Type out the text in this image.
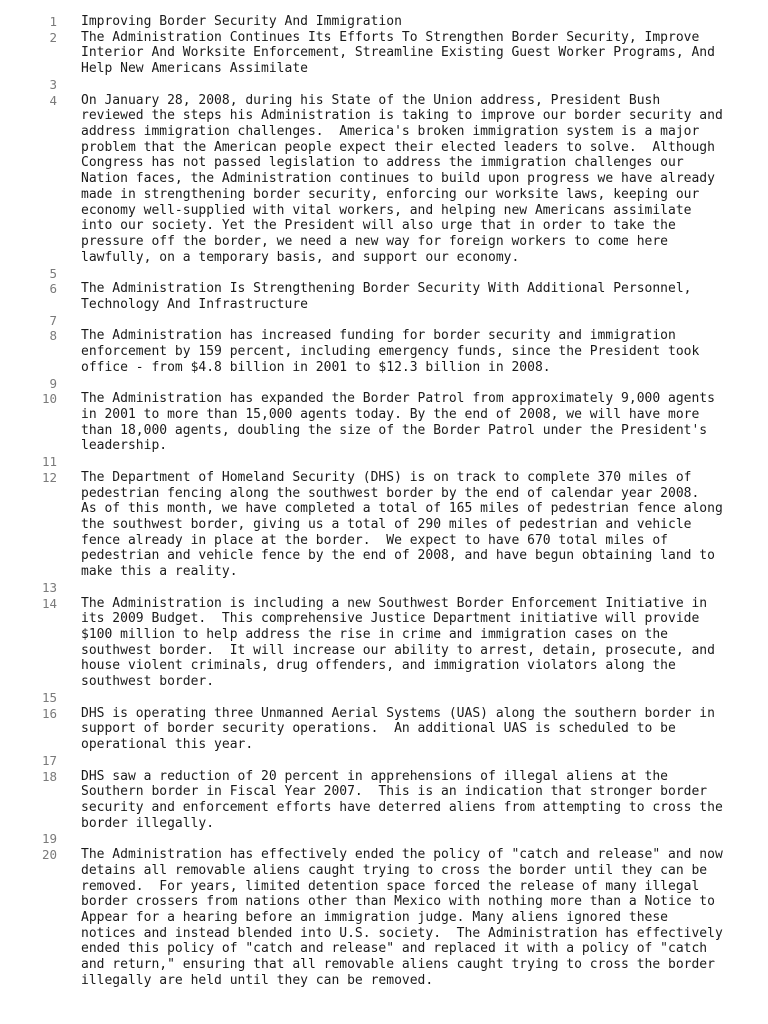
1 Improving Border Security And Immigration
2 The Administration Continues Its Efforts To Strengthen Border Security, Improve
Interior And Worksite Enforcement, Streamline Existing Guest Worker Programs, And
Help New Americans Assimilate
3
4 On January 28, 2008, during his State of the Union address, President Bush
reviewed the steps his Administration is taking to improve our border security and
address immigration challenges.  America's broken immigration system is a major
problem that the American people expect their elected leaders to solve.  Although
Congress has not passed legislation to address the immigration challenges our
Nation faces, the Administration continues to build upon progress we have already
made in strengthening border security, enforcing our worksite laws, keeping our
economy well-supplied with vital workers, and helping new Americans assimilate
into our society. Yet the President will also urge that in order to take the
pressure off the border, we need a new way for foreign workers to come here
lawfully, on a temporary basis, and support our economy.
5
6 The Administration Is Strengthening Border Security With Additional Personnel,
Technology And Infrastructure
7
8 The Administration has increased funding for border security and immigration
enforcement by 159 percent, including emergency funds, since the President took
office - from $4.8 billion in 2001 to $12.3 billion in 2008.
9
10 The Administration has expanded the Border Patrol from approximately 9,000 agents
in 2001 to more than 15,000 agents today. By the end of 2008, we will have more
than 18,000 agents, doubling the size of the Border Patrol under the President's
leadership.
11
12 The Department of Homeland Security (DHS) is on track to complete 370 miles of
pedestrian fencing along the southwest border by the end of calendar year 2008.
As of this month, we have completed a total of 165 miles of pedestrian fence along
the southwest border, giving us a total of 290 miles of pedestrian and vehicle
fence already in place at the border.  We expect to have 670 total miles of
pedestrian and vehicle fence by the end of 2008, and have begun obtaining land to
make this a reality.
13
14 The Administration is including a new Southwest Border Enforcement Initiative in
its 2009 Budget.  This comprehensive Justice Department initiative will provide
$100 million to help address the rise in crime and immigration cases on the
southwest border.  It will increase our ability to arrest, detain, prosecute, and
house violent criminals, drug offenders, and immigration violators along the
southwest border.
15
16 DHS is operating three Unmanned Aerial Systems (UAS) along the southern border in
support of border security operations.  An additional UAS is scheduled to be
operational this year.
17
18 DHS saw a reduction of 20 percent in apprehensions of illegal aliens at the
Southern border in Fiscal Year 2007.  This is an indication that stronger border
security and enforcement efforts have deterred aliens from attempting to cross the
border illegally.
19
20 The Administration has effectively ended the policy of "catch and release" and now
detains all removable aliens caught trying to cross the border until they can be
removed.  For years, limited detention space forced the release of many illegal
border crossers from nations other than Mexico with nothing more than a Notice to
Appear for a hearing before an immigration judge. Many aliens ignored these
notices and instead blended into U.S. society.  The Administration has effectively
ended this policy of "catch and release" and replaced it with a policy of "catch
and return," ensuring that all removable aliens caught trying to cross the border
illegally are held until they can be removed.
